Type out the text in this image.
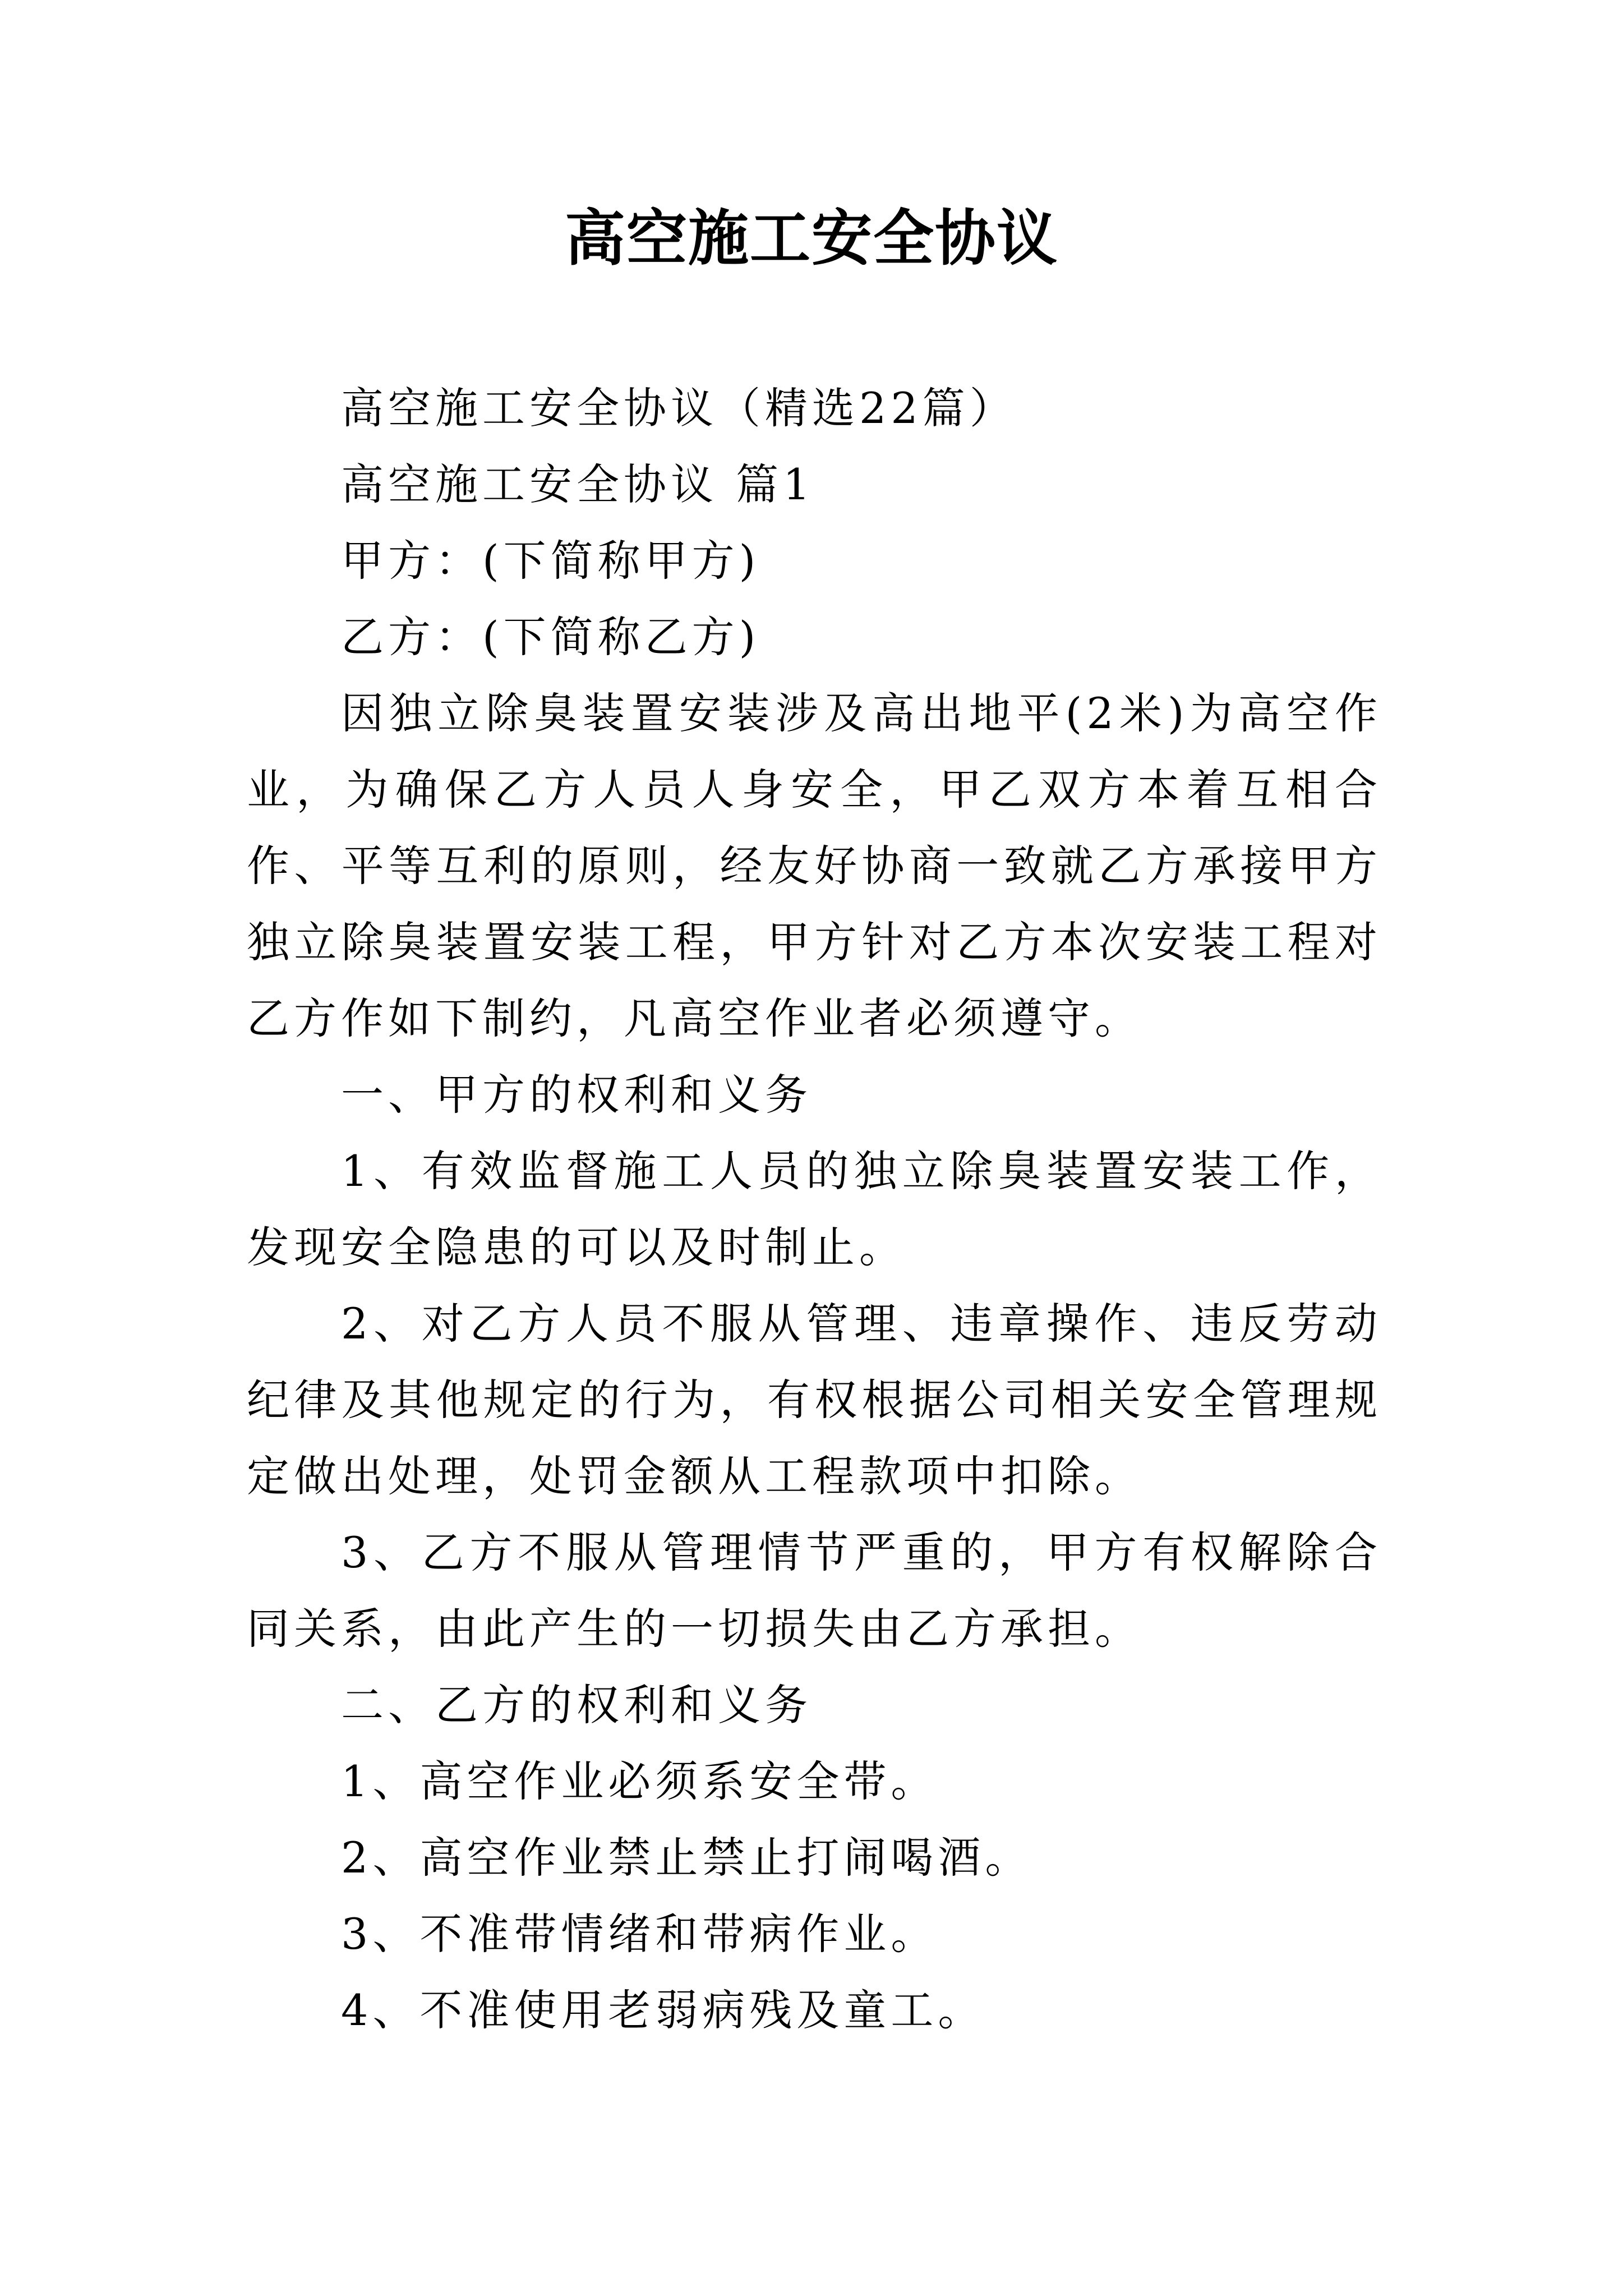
高空施工安全协议

高空施工安全协议（精选22篇）

高空施工安全协议 篇1

甲方：(下简称甲方)

乙方：(下简称乙方)

因独立除臭装置安装涉及高出地平(2米)为高空作业，为确保乙方人员人身安全，甲乙双方本着互相合作、平等互利的原则，经友好协商一致就乙方承接甲方独立除臭装置安装工程，甲方针对乙方本次安装工程对乙方作如下制约，凡高空作业者必须遵守。

一、甲方的权利和义务

1、有效监督施工人员的独立除臭装置安装工作，发现安全隐患的可以及时制止。

2、对乙方人员不服从管理、违章操作、违反劳动纪律及其他规定的行为，有权根据公司相关安全管理规定做出处理，处罚金额从工程款项中扣除。

3、乙方不服从管理情节严重的，甲方有权解除合同关系，由此产生的一切损失由乙方承担。

二、乙方的权利和义务

1、高空作业必须系安全带。

2、高空作业禁止禁止打闹喝酒。

3、不准带情绪和带病作业。

4、不准使用老弱病残及童工。
